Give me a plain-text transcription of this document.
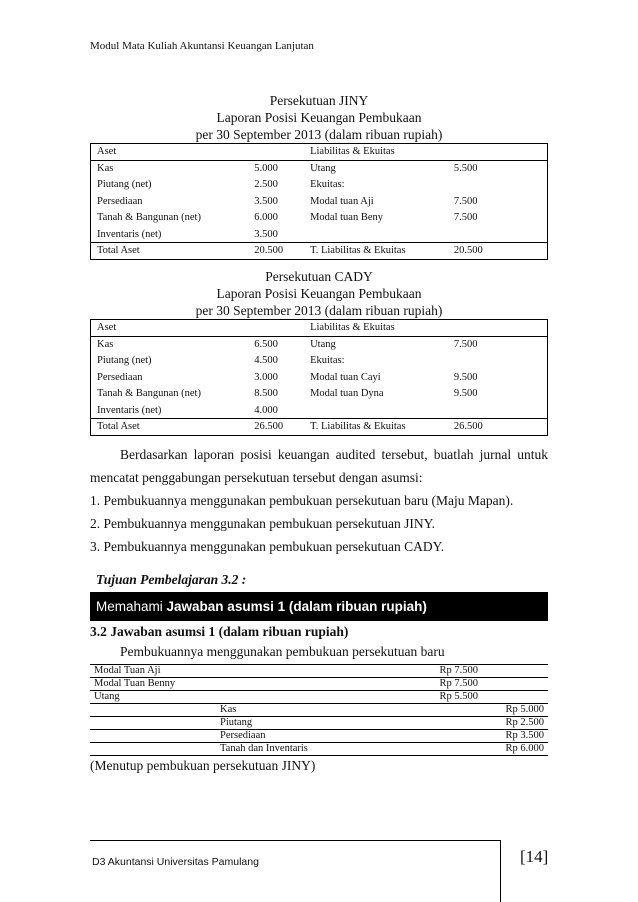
Modul Mata Kuliah Akuntansi Keuangan Lanjutan
Persekutuan JINY
Laporan Posisi Keuangan Pembukaan
per 30 September 2013 (dalam ribuan rupiah)
Aset		Liabilitas & Ekuitas	
Kas	5.000	Utang	5.500
Piutang (net)	2.500	Ekuitas:	
Persediaan	3.500	Modal tuan Aji	7.500
Tanah & Bangunan (net)	6.000	Modal tuan Beny	7.500
Inventaris (net)	3.500		
Total Aset	20.500	T. Liabilitas & Ekuitas	20.500
Persekutuan CADY
Laporan Posisi Keuangan Pembukaan
per 30 September 2013 (dalam ribuan rupiah)
Aset		Liabilitas & Ekuitas	
Kas	6.500	Utang	7.500
Piutang (net)	4.500	Ekuitas:	
Persediaan	3.000	Modal tuan Cayi	9.500
Tanah & Bangunan (net)	8.500	Modal tuan Dyna	9.500
Inventaris (net)	4.000		
Total Aset	26.500	T. Liabilitas & Ekuitas	26.500
Berdasarkan laporan posisi keuangan audited tersebut, buatlah jurnal untuk
mencatat penggabungan persekutuan tersebut dengan asumsi:
1. Pembukuannya menggunakan pembukuan persekutuan baru (Maju Mapan).
2. Pembukuannya menggunakan pembukuan persekutuan JINY.
3. Pembukuannya menggunakan pembukuan persekutuan CADY.
Tujuan Pembelajaran 3.2 :
Memahami Jawaban asumsi 1 (dalam ribuan rupiah)
3.2 Jawaban asumsi 1 (dalam ribuan rupiah)
Pembukuannya menggunakan pembukuan persekutuan baru
Modal Tuan Aji		Rp 7.500	
Modal Tuan Benny		Rp 7.500	
Utang		Rp 5.500	
	Kas		Rp 5.000
	Piutang		Rp 2.500
	Persediaan		Rp 3.500
	Tanah dan Inventaris		Rp 6.000
(Menutup pembukuan persekutuan JINY)
D3 Akuntansi Universitas Pamulang	[14]
